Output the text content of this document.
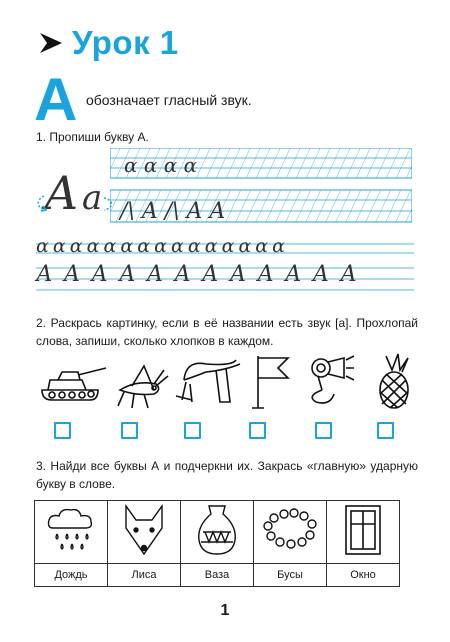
Урок 1
А обозначает гласный звук.
1. Пропиши букву А.
А а
ɑ ɑ ɑ ɑ
/\ A /\ A A
ɑ ɑ ɑ ɑ ɑ ɑ ɑ ɑ ɑ ɑ ɑ ɑ ɑ ɑ ɑ
А А А А А А А А А А А А
2. Раскрась картинку, если в её названии есть звук [а]. Прохлопай слова, запиши, сколько хлопков в каждом.
3. Найди все буквы А и подчеркни их. Закрась «главную» ударную букву в слове.

Дождь	Лиса	Ваза	Бусы	Окно
1
